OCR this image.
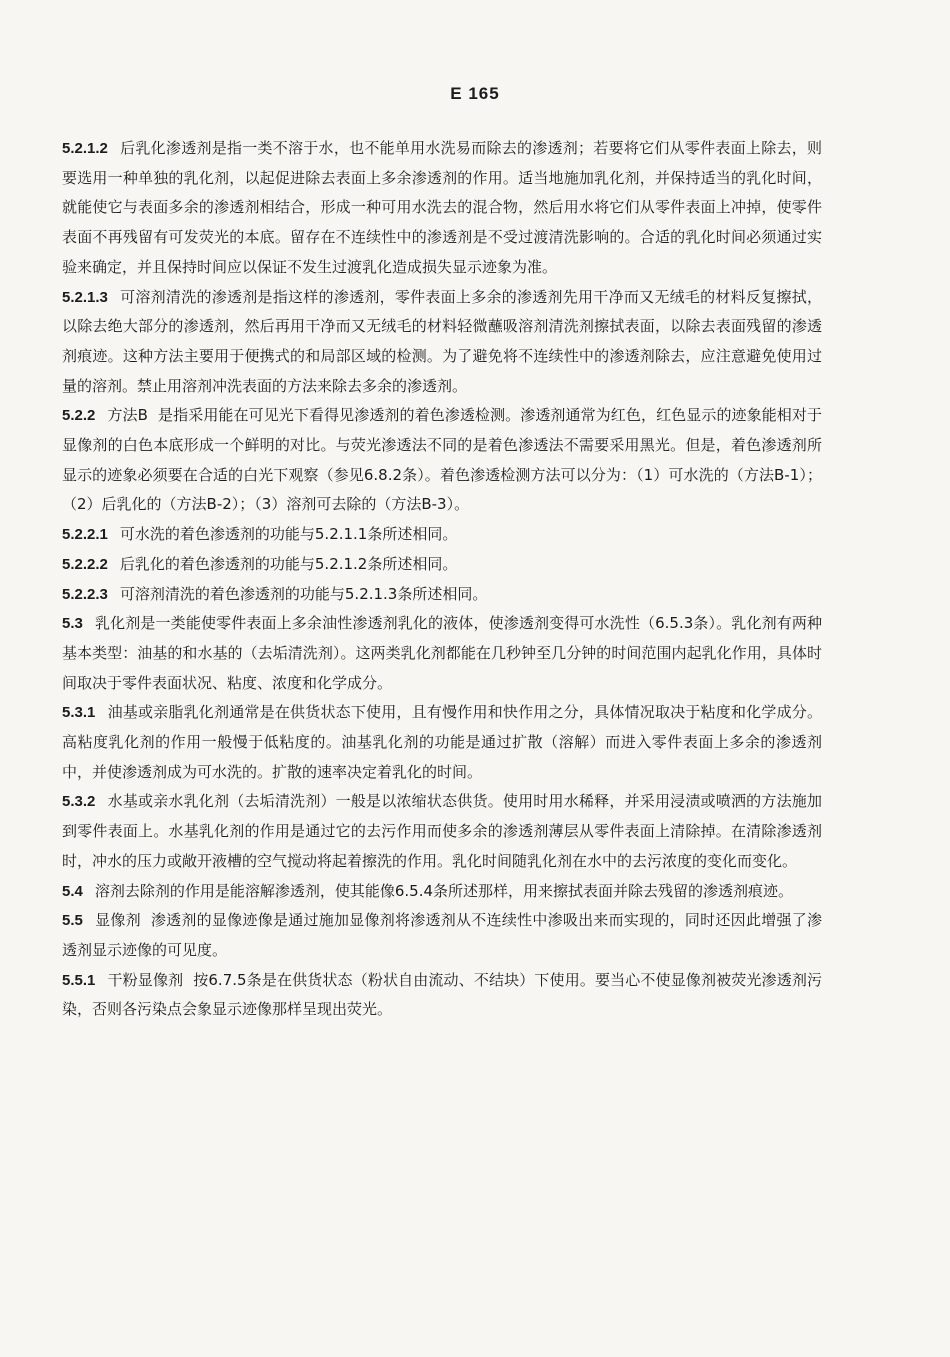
E 165

5.2.1.2 后乳化渗透剂是指一类不溶于水，也不能单用水洗易而除去的渗透剂；若要将它们从零件表面上除去，则要选用一种单独的乳化剂，以起促进除去表面上多余渗透剂的作用。适当地施加乳化剂，并保持适当的乳化时间，就能使它与表面多余的渗透剂相结合，形成一种可用水洗去的混合物，然后用水将它们从零件表面上冲掉，使零件表面不再残留有可发荧光的本底。留存在不连续性中的渗透剂是不受过渡清洗影响的。合适的乳化时间必须通过实验来确定，并且保持时间应以保证不发生过渡乳化造成损失显示迹象为准。

5.2.1.3 可溶剂清洗的渗透剂是指这样的渗透剂，零件表面上多余的渗透剂先用干净而又无绒毛的材料反复擦拭，以除去绝大部分的渗透剂，然后再用干净而又无绒毛的材料轻微蘸吸溶剂清洗剂擦拭表面，以除去表面残留的渗透剂痕迹。这种方法主要用于便携式的和局部区域的检测。为了避免将不连续性中的渗透剂除去，应注意避免使用过量的溶剂。禁止用溶剂冲洗表面的方法来除去多余的渗透剂。

5.2.2 方法B 是指采用能在可见光下看得见渗透剂的着色渗透检测。渗透剂通常为红色，红色显示的迹象能相对于显像剂的白色本底形成一个鲜明的对比。与荧光渗透法不同的是着色渗透法不需要采用黑光。但是，着色渗透剂所显示的迹象必须要在合适的白光下观察（参见6.8.2条）。着色渗透检测方法可以分为：（1）可水洗的（方法B-1）；（2）后乳化的（方法B-2）；（3）溶剂可去除的（方法B-3）。

5.2.2.1 可水洗的着色渗透剂的功能与5.2.1.1条所述相同。

5.2.2.2 后乳化的着色渗透剂的功能与5.2.1.2条所述相同。

5.2.2.3 可溶剂清洗的着色渗透剂的功能与5.2.1.3条所述相同。

5.3 乳化剂是一类能使零件表面上多余油性渗透剂乳化的液体，使渗透剂变得可水洗性（6.5.3条）。乳化剂有两种基本类型：油基的和水基的（去垢清洗剂）。这两类乳化剂都能在几秒钟至几分钟的时间范围内起乳化作用，具体时间取决于零件表面状况、粘度、浓度和化学成分。

5.3.1 油基或亲脂乳化剂通常是在供货状态下使用，且有慢作用和快作用之分，具体情况取决于粘度和化学成分。高粘度乳化剂的作用一般慢于低粘度的。油基乳化剂的功能是通过扩散（溶解）而进入零件表面上多余的渗透剂中，并使渗透剂成为可水洗的。扩散的速率决定着乳化的时间。

5.3.2 水基或亲水乳化剂（去垢清洗剂）一般是以浓缩状态供货。使用时用水稀释，并采用浸渍或喷洒的方法施加到零件表面上。水基乳化剂的作用是通过它的去污作用而使多余的渗透剂薄层从零件表面上清除掉。在清除渗透剂时，冲水的压力或敞开液槽的空气搅动将起着擦洗的作用。乳化时间随乳化剂在水中的去污浓度的变化而变化。

5.4 溶剂去除剂的作用是能溶解渗透剂，使其能像6.5.4条所述那样，用来擦拭表面并除去残留的渗透剂痕迹。

5.5 显像剂 渗透剂的显像迹像是通过施加显像剂将渗透剂从不连续性中渗吸出来而实现的，同时还因此增强了渗透剂显示迹像的可见度。

5.5.1 干粉显像剂 按6.7.5条是在供货状态（粉状自由流动、不结块）下使用。要当心不使显像剂被荧光渗透剂污染，否则各污染点会象显示迹像那样呈现出荧光。
